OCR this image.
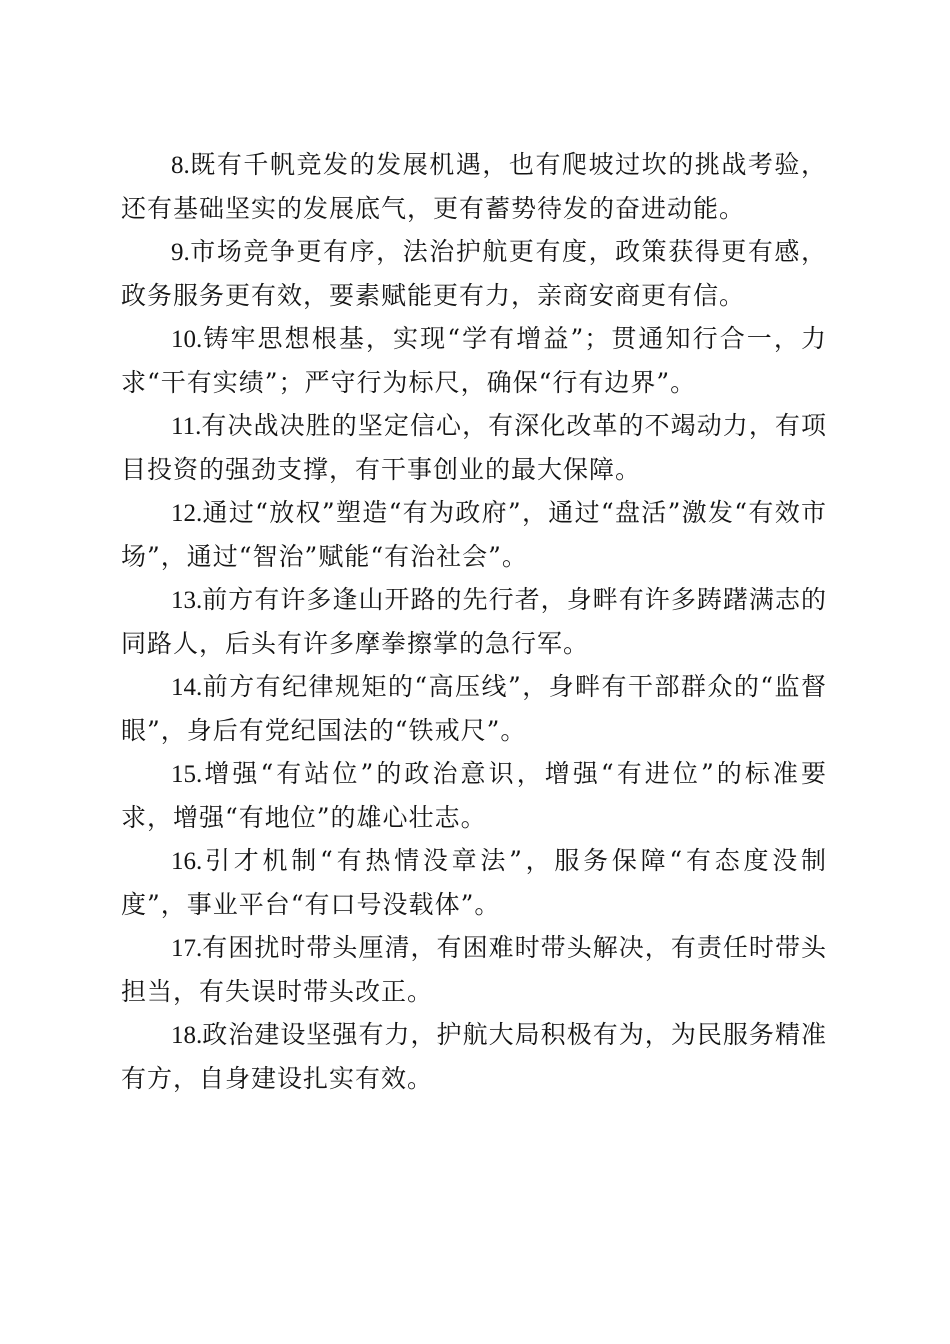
8.既有千帆竞发的发展机遇，也有爬坡过坎的挑战考验，还有基础坚实的发展底气，更有蓄势待发的奋进动能。

9.市场竞争更有序，法治护航更有度，政策获得更有感，政务服务更有效，要素赋能更有力，亲商安商更有信。

10.铸牢思想根基，实现“学有增益”；贯通知行合一，力求“干有实绩”；严守行为标尺，确保“行有边界”。

11.有决战决胜的坚定信心，有深化改革的不竭动力，有项目投资的强劲支撑，有干事创业的最大保障。

12.通过“放权”塑造“有为政府”，通过“盘活”激发“有效市场”，通过“智治”赋能“有治社会”。

13.前方有许多逢山开路的先行者，身畔有许多踌躇满志的同路人，后头有许多摩拳擦掌的急行军。

14.前方有纪律规矩的“高压线”，身畔有干部群众的“监督眼”，身后有党纪国法的“铁戒尺”。

15.增强“有站位”的政治意识，增强“有进位”的标准要求，增强“有地位”的雄心壮志。

16.引才机制“有热情没章法”，服务保障“有态度没制度”，事业平台“有口号没载体”。

17.有困扰时带头厘清，有困难时带头解决，有责任时带头担当，有失误时带头改正。

18.政治建设坚强有力，护航大局积极有为，为民服务精准有方，自身建设扎实有效。
